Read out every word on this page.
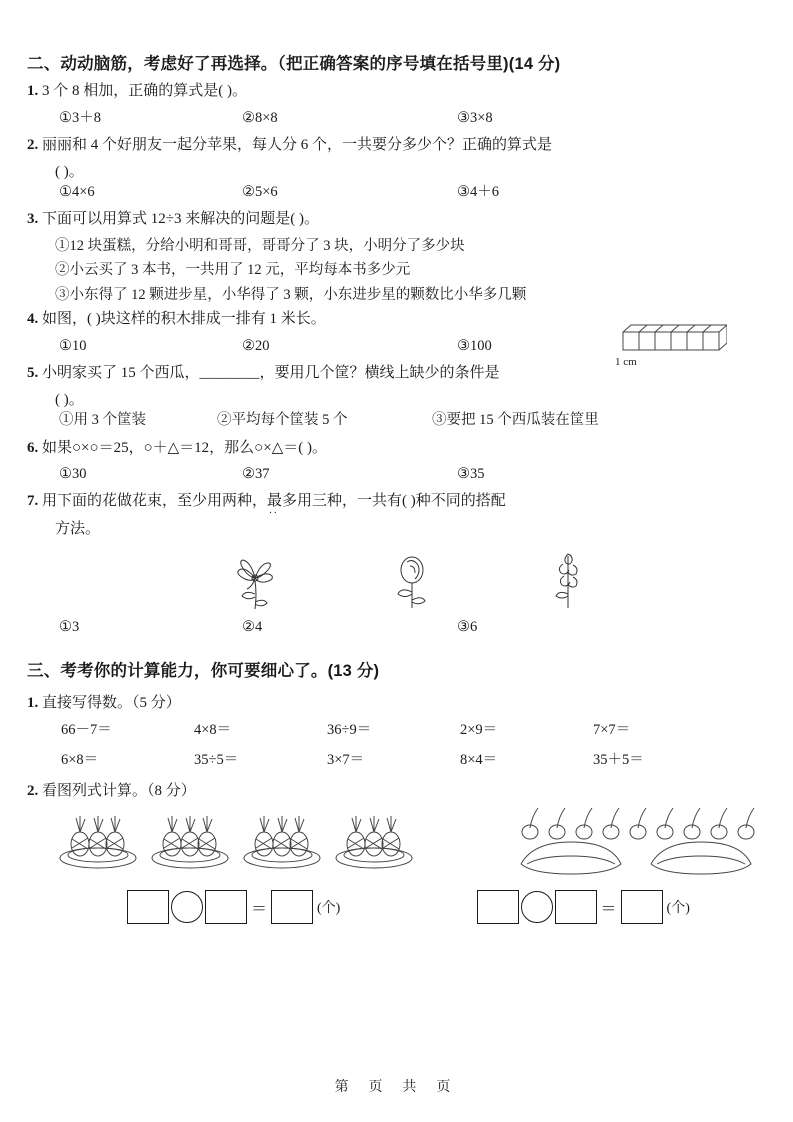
二、动动脑筋，考虑好了再选择。（把正确答案的序号填在括号里)(14 分)
1. 3 个 8 相加，正确的算式是( )。
①3＋8	②8×8	③3×8
2. 丽丽和 4 个好朋友一起分苹果，每人分 6 个，一共要分多少个？正确的算式是
( )。
①4×6	②5×6	③4＋6
3. 下面可以用算式 12÷3 来解决的问题是( )。
①12 块蛋糕，分给小明和哥哥，哥哥分了 3 块，小明分了多少块
②小云买了 3 本书，一共用了 12 元，平均每本书多少元
③小东得了 12 颗进步星，小华得了 3 颗，小东进步星的颗数比小华多几颗
4. 如图，( )块这样的积木排成一排有 1 米长。
①10	②20	③100
5. 小明家买了 15 个西瓜，________，要用几个筐？横线上缺少的条件是
( )。
①用 3 个筐装	②平均每个筐装 5 个	③要把 15 个西瓜装在筐里
6. 如果○×○＝25，○＋△＝12，那么○×△＝( )。
①30	②37	③35
7. 用下面的花做花束，至少用两种，最多用三种，一共有( )种不同的搭配 ..
方法。
①3	②4	③6
三、考考你的计算能力，你可要细心了。(13 分)
1. 直接写得数。（5 分）
66－7＝	4×8＝	36÷9＝	2×9＝	7×7＝
6×8＝	35÷5＝	3×7＝	8×4＝	35＋5＝
2. 看图列式计算。（8 分）
＝	(个)	＝	(个)
1 cm
第 页 共 页
